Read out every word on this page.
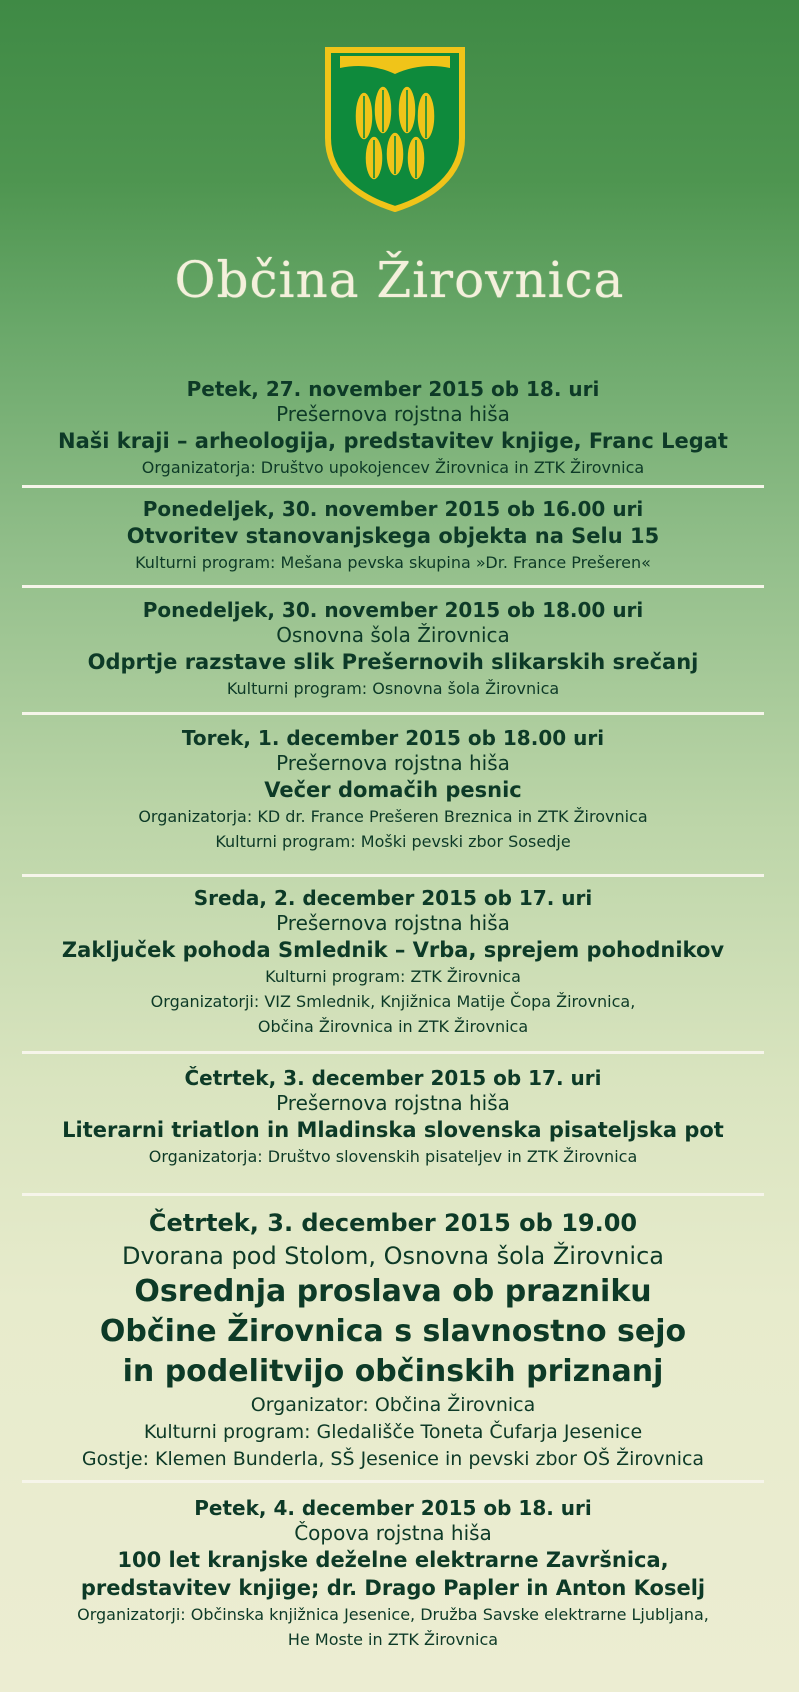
Občina Žirovnica
Petek, 27. november 2015 ob 18. uri
Prešernova rojstna hiša
Naši kraji – arheologija, predstavitev knjige, Franc Legat
Organizatorja: Društvo upokojencev Žirovnica in ZTK Žirovnica
Ponedeljek, 30. november 2015 ob 16.00 uri
Otvoritev stanovanjskega objekta na Selu 15
Kulturni program: Mešana pevska skupina »Dr. France Prešeren«
Ponedeljek, 30. november 2015 ob 18.00 uri
Osnovna šola Žirovnica
Odprtje razstave slik Prešernovih slikarskih srečanj
Kulturni program: Osnovna šola Žirovnica
Torek, 1. december 2015 ob 18.00 uri
Prešernova rojstna hiša
Večer domačih pesnic
Organizatorja: KD dr. France Prešeren Breznica in ZTK Žirovnica
Kulturni program: Moški pevski zbor Sosedje
Sreda, 2. december 2015 ob 17. uri
Prešernova rojstna hiša
Zaključek pohoda Smlednik – Vrba, sprejem pohodnikov
Kulturni program: ZTK Žirovnica
Organizatorji: VIZ Smlednik, Knjižnica Matije Čopa Žirovnica,
Občina Žirovnica in ZTK Žirovnica
Četrtek, 3. december 2015 ob 17. uri
Prešernova rojstna hiša
Literarni triatlon in Mladinska slovenska pisateljska pot
Organizatorja: Društvo slovenskih pisateljev in ZTK Žirovnica
Četrtek, 3. december 2015 ob 19.00
Dvorana pod Stolom, Osnovna šola Žirovnica
Osrednja proslava ob prazniku
Občine Žirovnica s slavnostno sejo
in podelitvijo občinskih priznanj
Organizator: Občina Žirovnica
Kulturni program: Gledališče Toneta Čufarja Jesenice
Gostje: Klemen Bunderla, SŠ Jesenice in pevski zbor OŠ Žirovnica
Petek, 4. december 2015 ob 18. uri
Čopova rojstna hiša
100 let kranjske deželne elektrarne Završnica,
predstavitev knjige; dr. Drago Papler in Anton Koselj
Organizatorji: Občinska knjižnica Jesenice, Družba Savske elektrarne Ljubljana,
He Moste in ZTK Žirovnica
